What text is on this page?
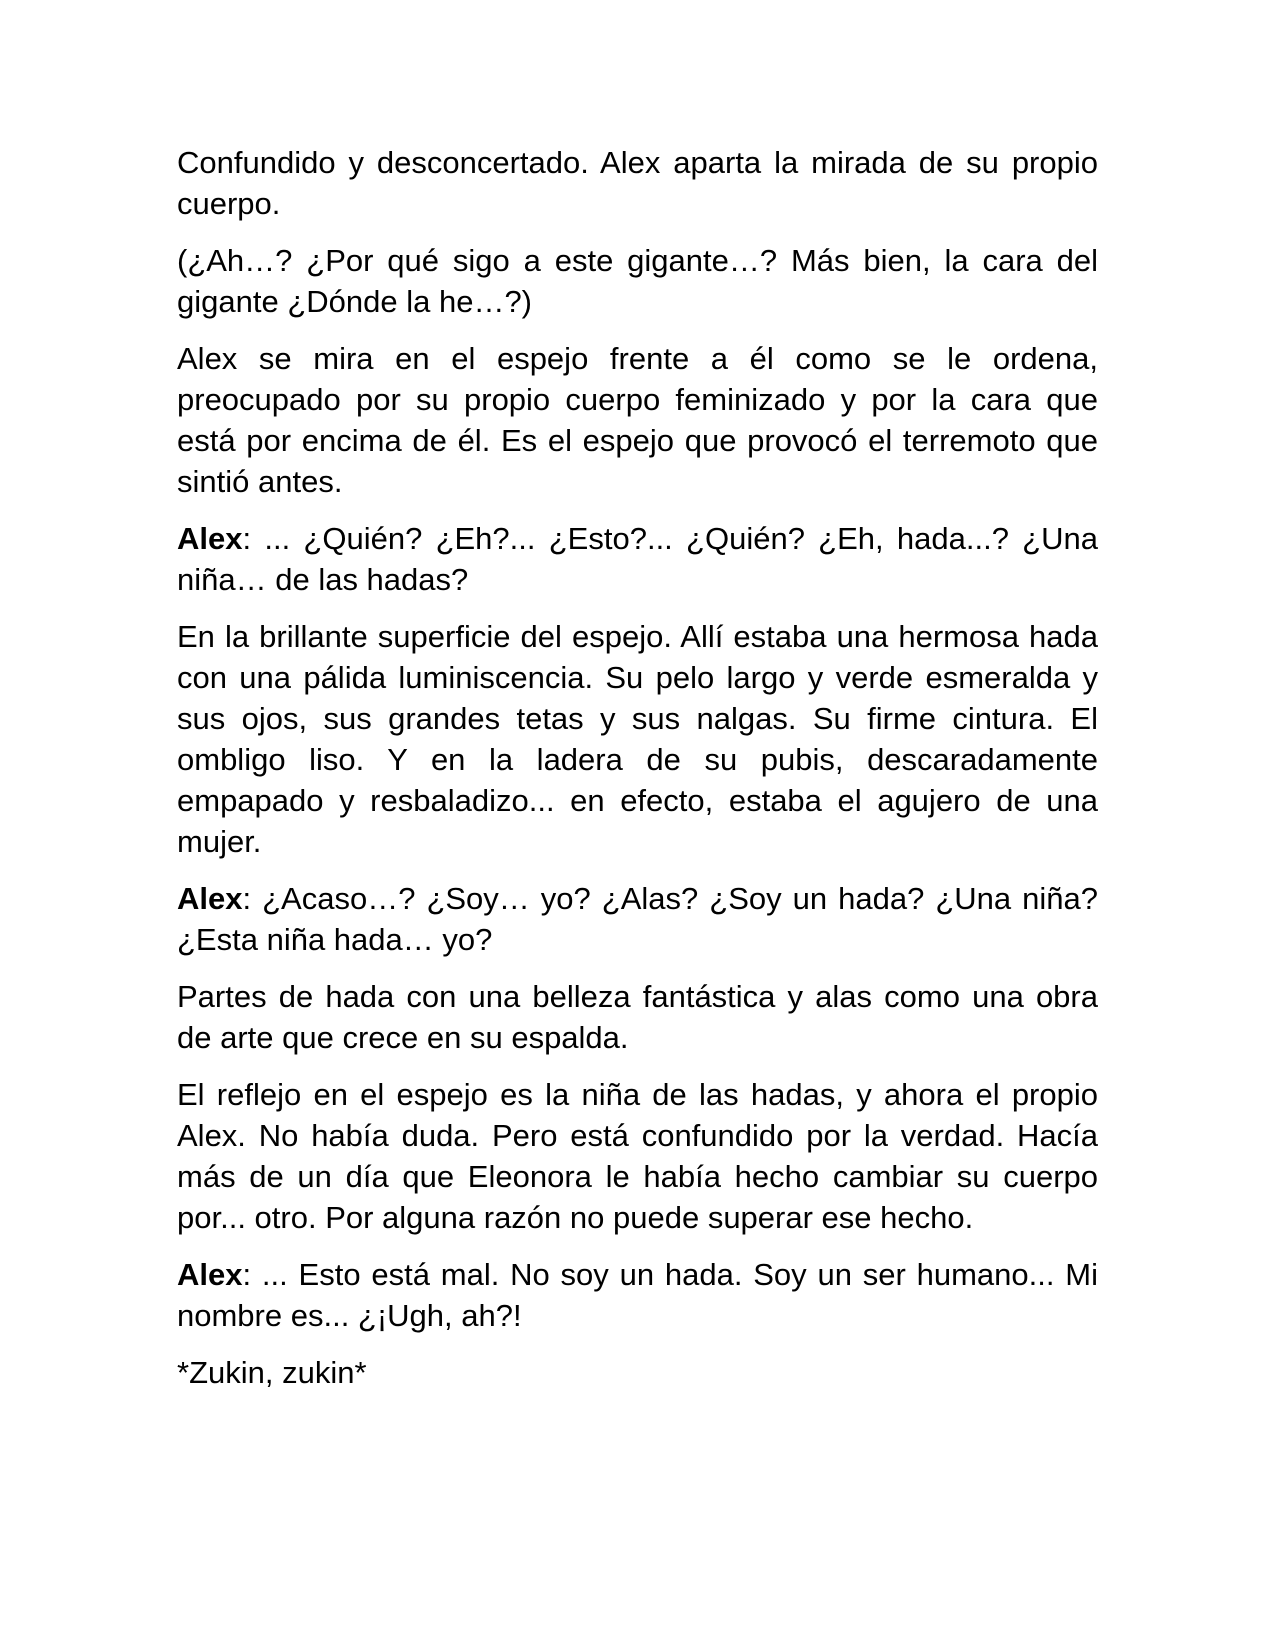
Confundido y desconcertado. Alex aparta la mirada de su propio cuerpo.

(¿Ah…? ¿Por qué sigo a este gigante…? Más bien, la cara del gigante ¿Dónde la he…?)

Alex se mira en el espejo frente a él como se le ordena, preocupado por su propio cuerpo feminizado y por la cara que está por encima de él. Es el espejo que provocó el terremoto que sintió antes.

Alex: ... ¿Quién? ¿Eh?... ¿Esto?... ¿Quién? ¿Eh, hada...? ¿Una niña… de las hadas?

En la brillante superficie del espejo. Allí estaba una hermosa hada con una pálida luminiscencia. Su pelo largo y verde esmeralda y sus ojos, sus grandes tetas y sus nalgas. Su firme cintura. El ombligo liso. Y en la ladera de su pubis, descaradamente empapado y resbaladizo... en efecto, estaba el agujero de una mujer.

Alex: ¿Acaso…? ¿Soy… yo? ¿Alas? ¿Soy un hada? ¿Una niña? ¿Esta niña hada… yo?

Partes de hada con una belleza fantástica y alas como una obra de arte que crece en su espalda.

El reflejo en el espejo es la niña de las hadas, y ahora el propio Alex. No había duda. Pero está confundido por la verdad. Hacía más de un día que Eleonora le había hecho cambiar su cuerpo por... otro. Por alguna razón no puede superar ese hecho.

Alex: ... Esto está mal. No soy un hada. Soy un ser humano... Mi nombre es... ¿¡Ugh, ah?!

*Zukin, zukin*
